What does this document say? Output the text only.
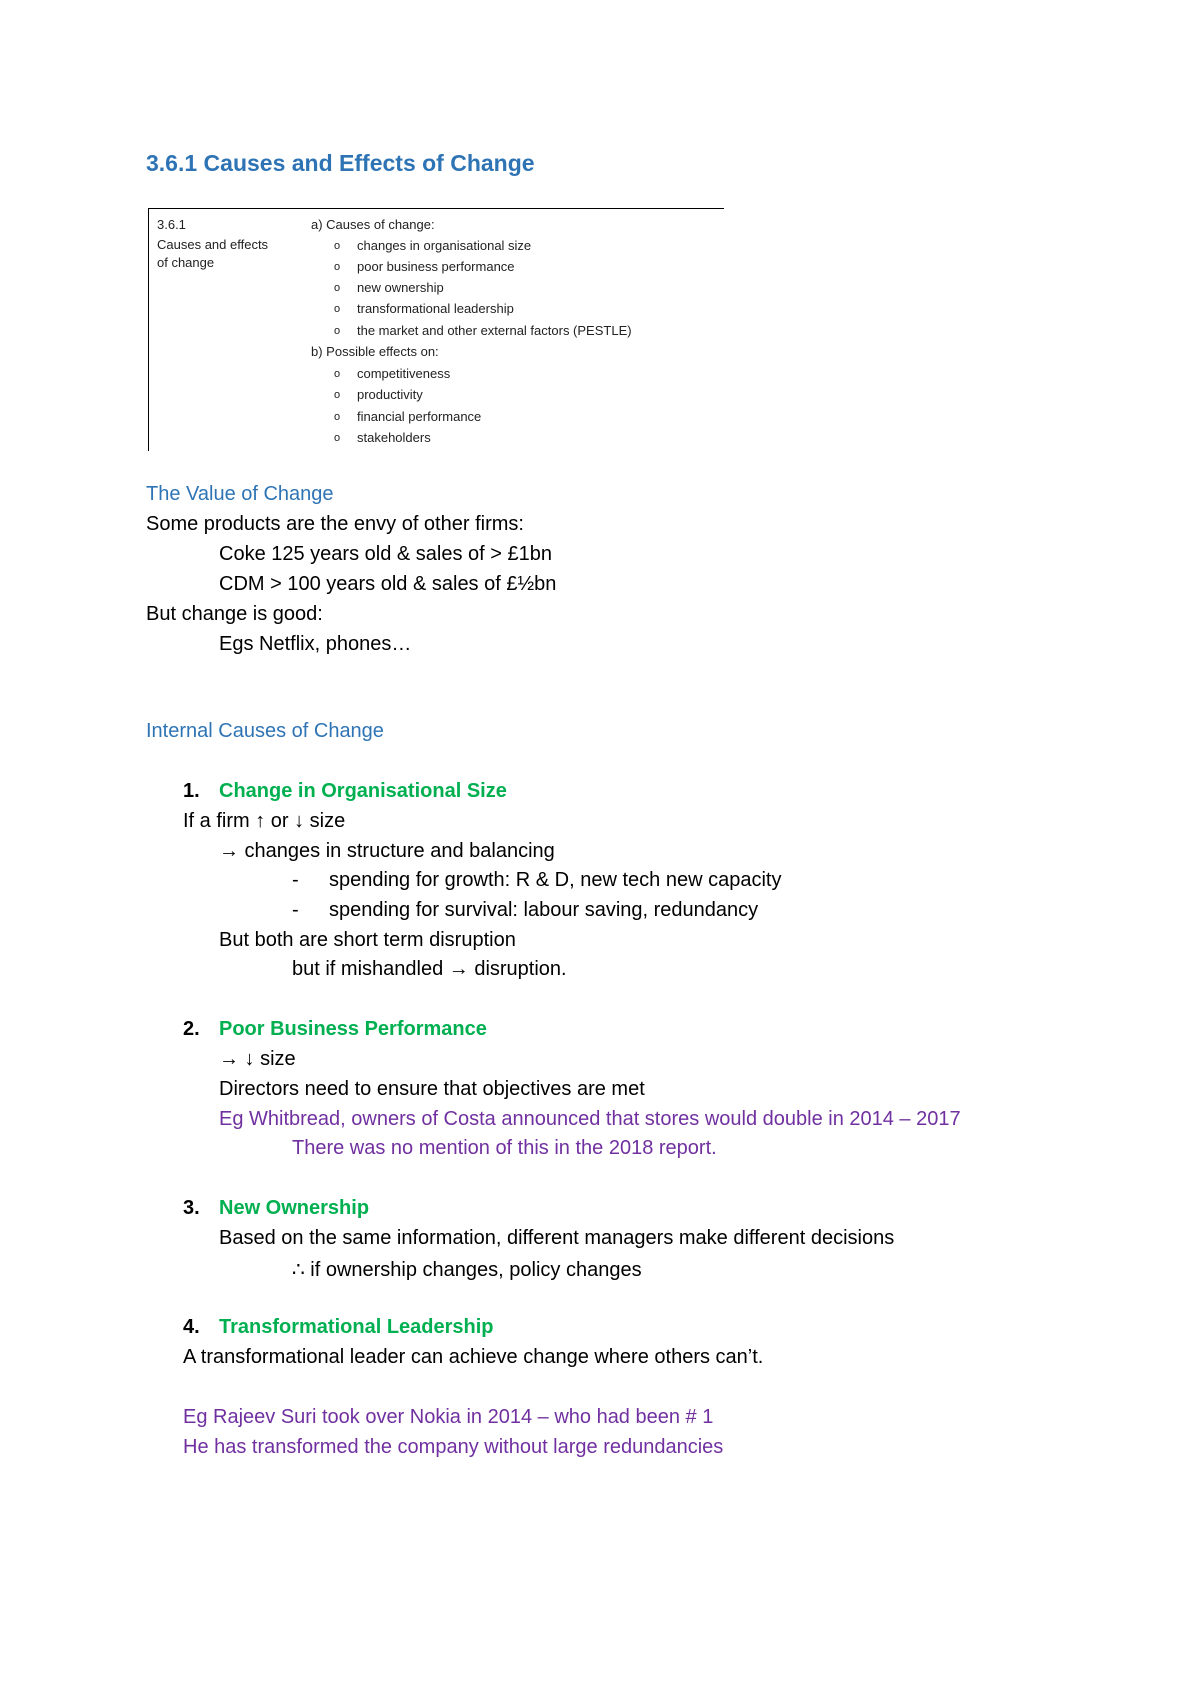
3.6.1 Causes and Effects of Change
3.6.1
Causes and effects
of change
a) Causes of change:
o changes in organisational size
o poor business performance
o new ownership
o transformational leadership
o the market and other external factors (PESTLE)
b) Possible effects on:
o competitiveness
o productivity
o financial performance
o stakeholders
The Value of Change
Some products are the envy of other firms:
Coke 125 years old & sales of > £1bn
CDM > 100 years old & sales of £½bn
But change is good:
Egs Netflix, phones…
Internal Causes of Change
1. Change in Organisational Size
If a firm ↑ or ↓ size
→ changes in structure and balancing
- spending for growth: R & D, new tech new capacity
- spending for survival: labour saving, redundancy
But both are short term disruption
but if mishandled → disruption.
2. Poor Business Performance
→ ↓ size
Directors need to ensure that objectives are met
Eg Whitbread, owners of Costa announced that stores would double in 2014 – 2017
There was no mention of this in the 2018 report.
3. New Ownership
Based on the same information, different managers make different decisions
∴ if ownership changes, policy changes
4. Transformational Leadership
A transformational leader can achieve change where others can’t.
Eg Rajeev Suri took over Nokia in 2014 – who had been # 1
He has transformed the company without large redundancies
